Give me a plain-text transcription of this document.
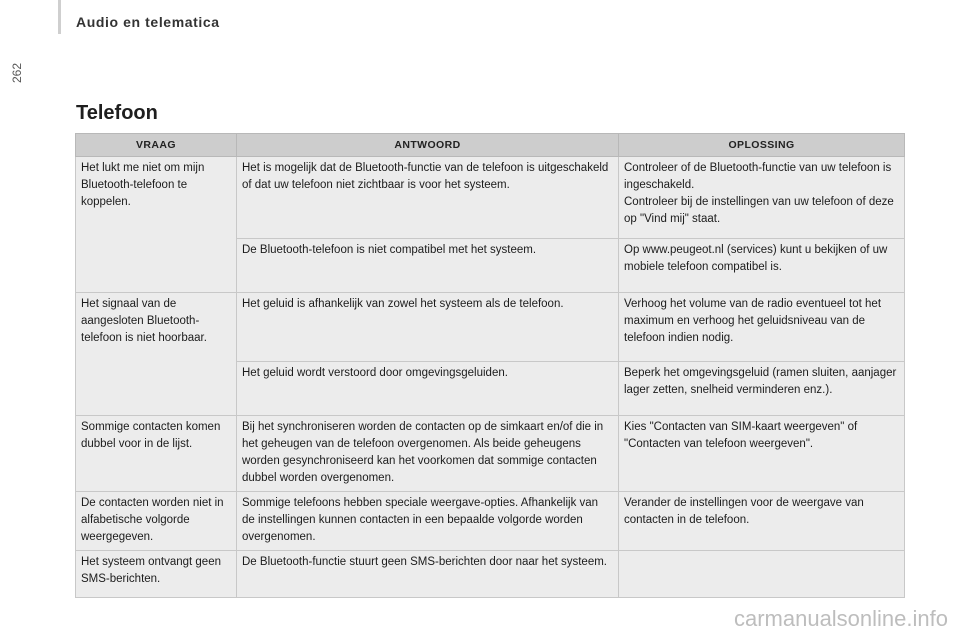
Audio en telematica
262
Telefoon
VRAAG	ANTWOORD	OPLOSSING
Het lukt me niet om mijn Bluetooth-telefoon te koppelen.	Het is mogelijk dat de Bluetooth-functie van de telefoon is uitgeschakeld of dat uw telefoon niet zichtbaar is voor het systeem.	Controleer of de Bluetooth-functie van uw telefoon is ingeschakeld.
Controleer bij de instellingen van uw telefoon of deze op "Vind mij" staat.

	De Bluetooth-telefoon is niet compatibel met het systeem.	Op www.peugeot.nl (services) kunt u bekijken of uw mobiele telefoon compatibel is.
Het signaal van de aangesloten Bluetooth-telefoon is niet hoorbaar.	Het geluid is afhankelijk van zowel het systeem als de telefoon.	Verhoog het volume van de radio eventueel tot het maximum en verhoog het geluidsniveau van de telefoon indien nodig.
	Het geluid wordt verstoord door omgevingsgeluiden.	Beperk het omgevingsgeluid (ramen sluiten, aanjager lager zetten, snelheid verminderen enz.).
Sommige contacten komen dubbel voor in de lijst.	Bij het synchroniseren worden de contacten op de simkaart en/of die in het geheugen van de telefoon overgenomen. Als beide geheugens worden gesynchroniseerd kan het voorkomen dat sommige contacten dubbel worden overgenomen.	Kies "Contacten van SIM-kaart weergeven" of "Contacten van telefoon weergeven".
De contacten worden niet in alfabetische volgorde weergegeven.	Sommige telefoons hebben speciale weergave-opties. Afhankelijk van de instellingen kunnen contacten in een bepaalde volgorde worden overgenomen.	Verander de instellingen voor de weergave van contacten in de telefoon.
Het systeem ontvangt geen SMS-berichten.	De Bluetooth-functie stuurt geen SMS-berichten door naar het systeem.	
carmanualsonline.info
